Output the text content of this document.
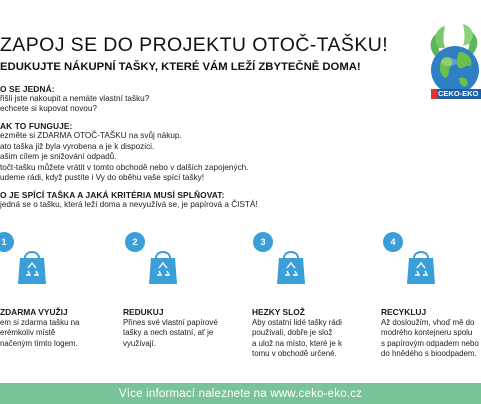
ZAPOJ SE DO PROJEKTU OTOČ-TAŠKU!
EDUKUJTE NÁKUPNÍ TAŠKY, KTERÉ VÁM LEŽÍ ZBYTEČNĚ DOMA!
CEKO-EKO
O SE JEDNÁ:
řišli jste nakoupit a nemáte vlastní tašku?
echcete si kupovat novou?
AK TO FUNGUJE:
ezměte si ZDARMA OTOČ-TAŠKU na svůj nákup.
ato taška již byla vyrobena a je k dispozici.
ašim cílem je snižování odpadů.
točt-tašku můžete vrátit v tomto obchodě nebo v dalších zapojených.
udeme rádi, když pustíte i Vy do oběhu vaše spící tašky!
O JE SPÍCÍ TAŠKA A JAKÁ KRITÉRIA MUSÍ SPLŇOVAT:
jedná se o tašku, která leží doma a nevyužívá se, je papírová a ČISTÁ!
1
ZDARMA VYUŽIJ
em si zdarma tašku na
erémkoliv místě
načeným tímto logem.
2
REDUKUJ
Přines své vlastní papírové
tašky a nech ostatní, ať je
využívají.
3
HEZKY SLOŽ
Aby ostatní lidé tašky rádi
používali, dobře je slož
a ulož na místo, které je k
tomu v obchodě určené.
4
RECYKLUJ
Až dosloužím, vhoď mě do
modrého kontejneru spolu
s papírovým odpadem nebo
do hnědého s bioodpadem.
Více informací naleznete na www.ceko-eko.cz
